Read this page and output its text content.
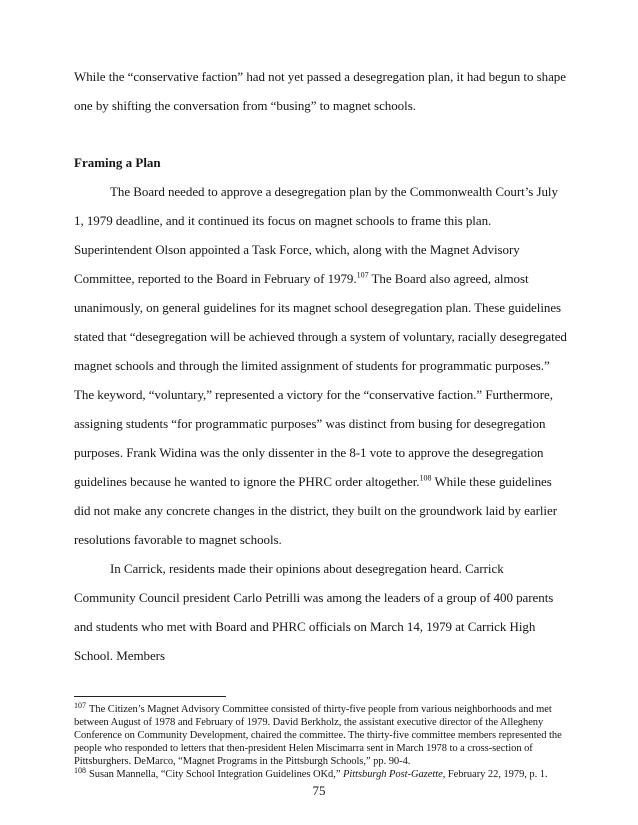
While the “conservative faction” had not yet passed a desegregation plan, it had begun to shape one by shifting the conversation from “busing” to magnet schools.

Framing a Plan

The Board needed to approve a desegregation plan by the Commonwealth Court’s July 1, 1979 deadline, and it continued its focus on magnet schools to frame this plan. Superintendent Olson appointed a Task Force, which, along with the Magnet Advisory Committee, reported to the Board in February of 1979.$^{107}$ The Board also agreed, almost unanimously, on general guidelines for its magnet school desegregation plan. These guidelines stated that “desegregation will be achieved through a system of voluntary, racially desegregated magnet schools and through the limited assignment of students for programmatic purposes.” The keyword, “voluntary,” represented a victory for the “conservative faction.” Furthermore, assigning students “for programmatic purposes” was distinct from busing for desegregation purposes. Frank Widina was the only dissenter in the 8-1 vote to approve the desegregation guidelines because he wanted to ignore the PHRC order altogether.$^{108}$ While these guidelines did not make any concrete changes in the district, they built on the groundwork laid by earlier resolutions favorable to magnet schools.

In Carrick, residents made their opinions about desegregation heard. Carrick Community Council president Carlo Petrilli was among the leaders of a group of 400 parents and students who met with Board and PHRC officials on March 14, 1979 at Carrick High School. Members

$^{107}$ The Citizen’s Magnet Advisory Committee consisted of thirty-five people from various neighborhoods and met between August of 1978 and February of 1979. David Berkholz, the assistant executive director of the Allegheny Conference on Community Development, chaired the committee. The thirty-five committee members represented the people who responded to letters that then-president Helen Miscimarra sent in March 1978 to a cross-section of Pittsburghers. DeMarco, “Magnet Programs in the Pittsburgh Schools,” pp. 90-4.
$^{108}$ Susan Mannella, “City School Integration Guidelines OKd,” Pittsburgh Post-Gazette, February 22, 1979, p. 1.
75
